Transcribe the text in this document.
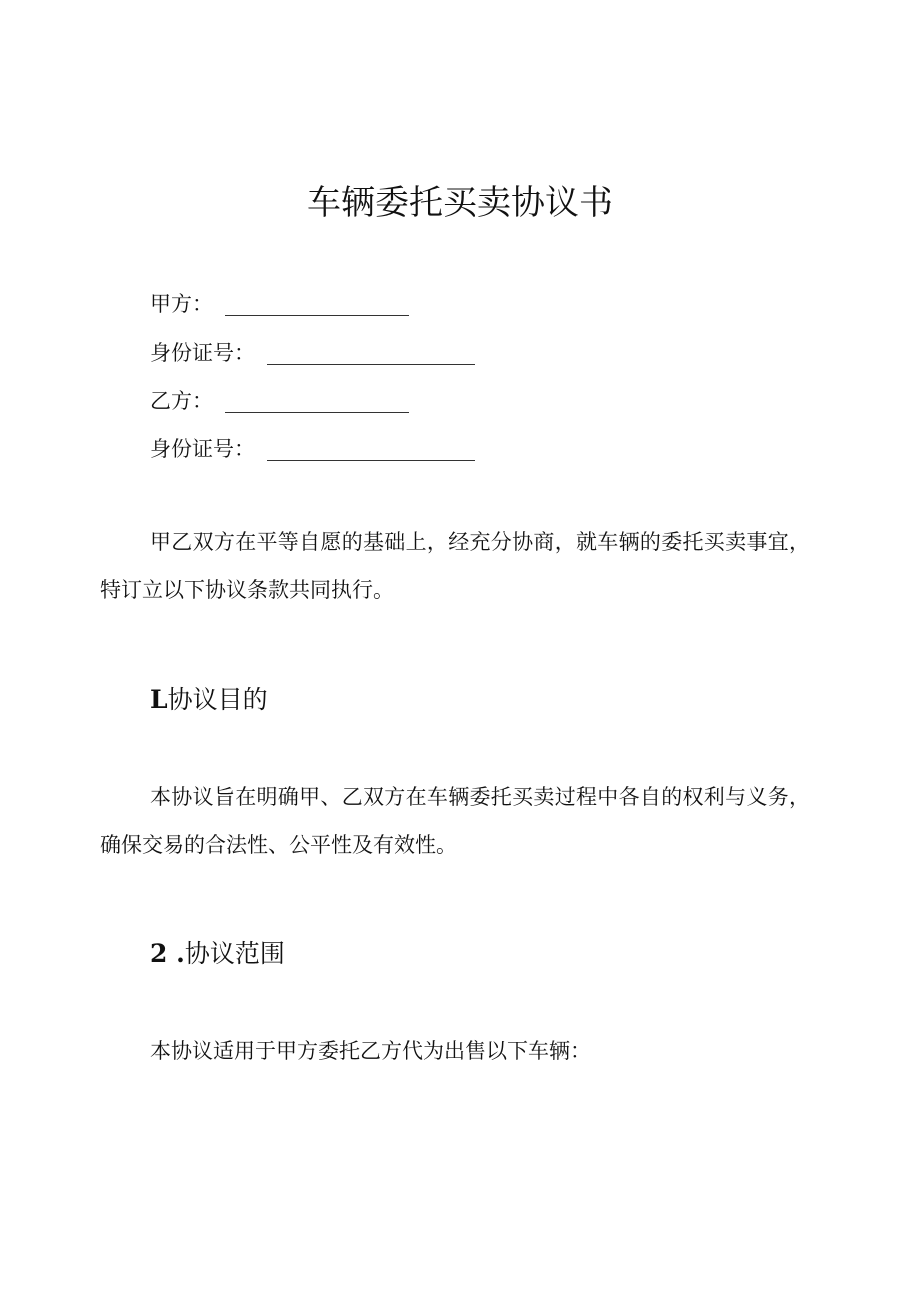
车辆委托买卖协议书
甲方：
身份证号：
乙方：
身份证号：

甲乙双方在平等自愿的基础上，经充分协商，就车辆的委托买卖事宜，特订立以下协议条款共同执行。

L协议目的

本协议旨在明确甲、乙双方在车辆委托买卖过程中各自的权利与义务，确保交易的合法性、公平性及有效性。

2 .协议范围

本协议适用于甲方委托乙方代为出售以下车辆：
